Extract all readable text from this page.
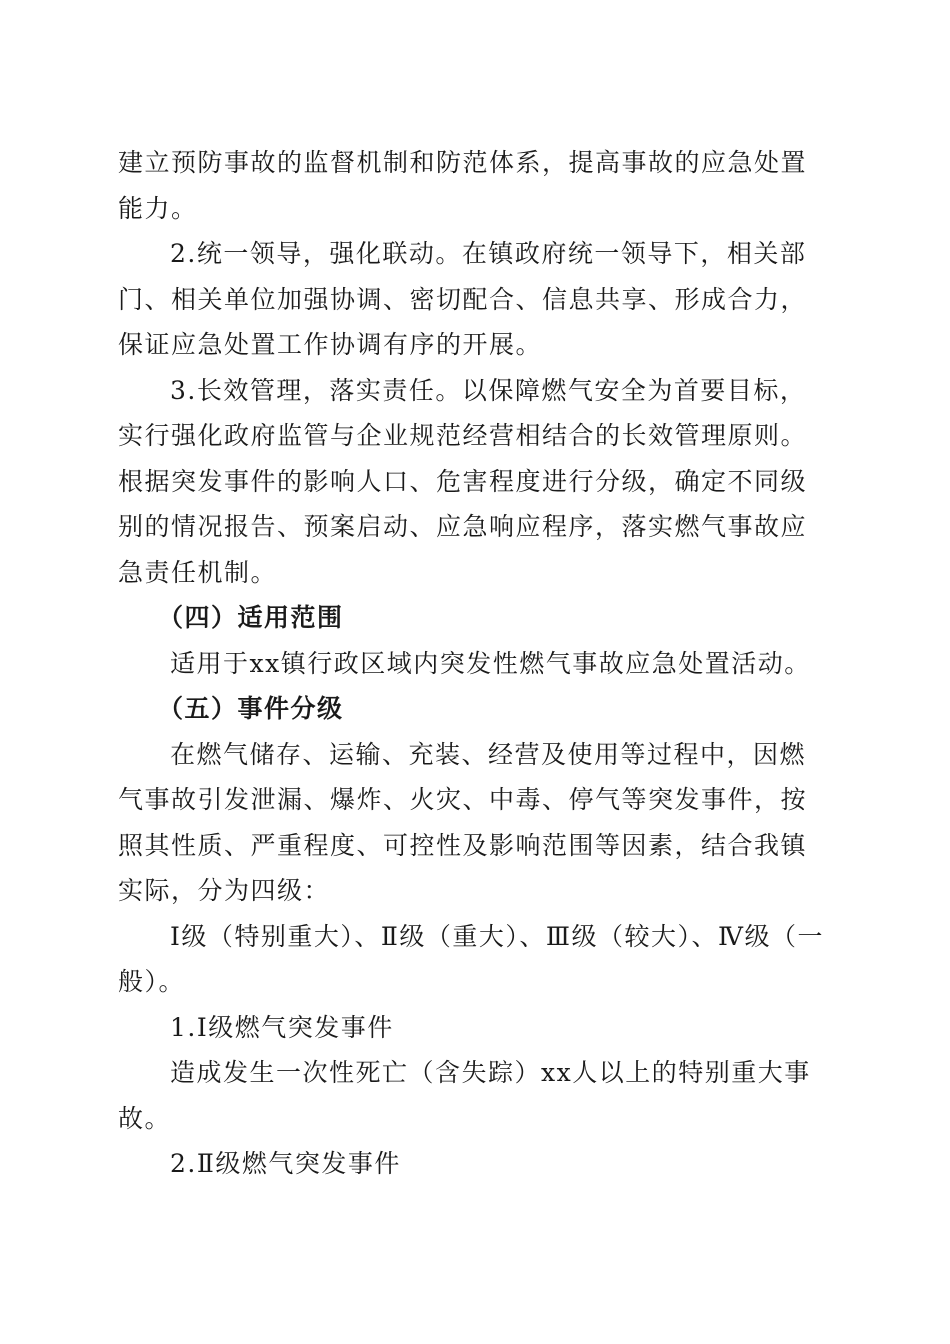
建立预防事故的监督机制和防范体系，提高事故的应急处置能力。

2.统一领导，强化联动。在镇政府统一领导下，相关部门、相关单位加强协调、密切配合、信息共享、形成合力，保证应急处置工作协调有序的开展。

3.长效管理，落实责任。以保障燃气安全为首要目标，实行强化政府监管与企业规范经营相结合的长效管理原则。根据突发事件的影响人口、危害程度进行分级，确定不同级别的情况报告、预案启动、应急响应程序，落实燃气事故应急责任机制。

（四）适用范围

适用于xx镇行政区域内突发性燃气事故应急处置活动。

（五）事件分级

在燃气储存、运输、充装、经营及使用等过程中，因燃气事故引发泄漏、爆炸、火灾、中毒、停气等突发事件，按照其性质、严重程度、可控性及影响范围等因素，结合我镇实际，分为四级：

Ⅰ级（特别重大）、Ⅱ级（重大）、Ⅲ级（较大）、Ⅳ级（一般）。

1.Ⅰ级燃气突发事件

造成发生一次性死亡（含失踪）xx人以上的特别重大事故。

2.Ⅱ级燃气突发事件
